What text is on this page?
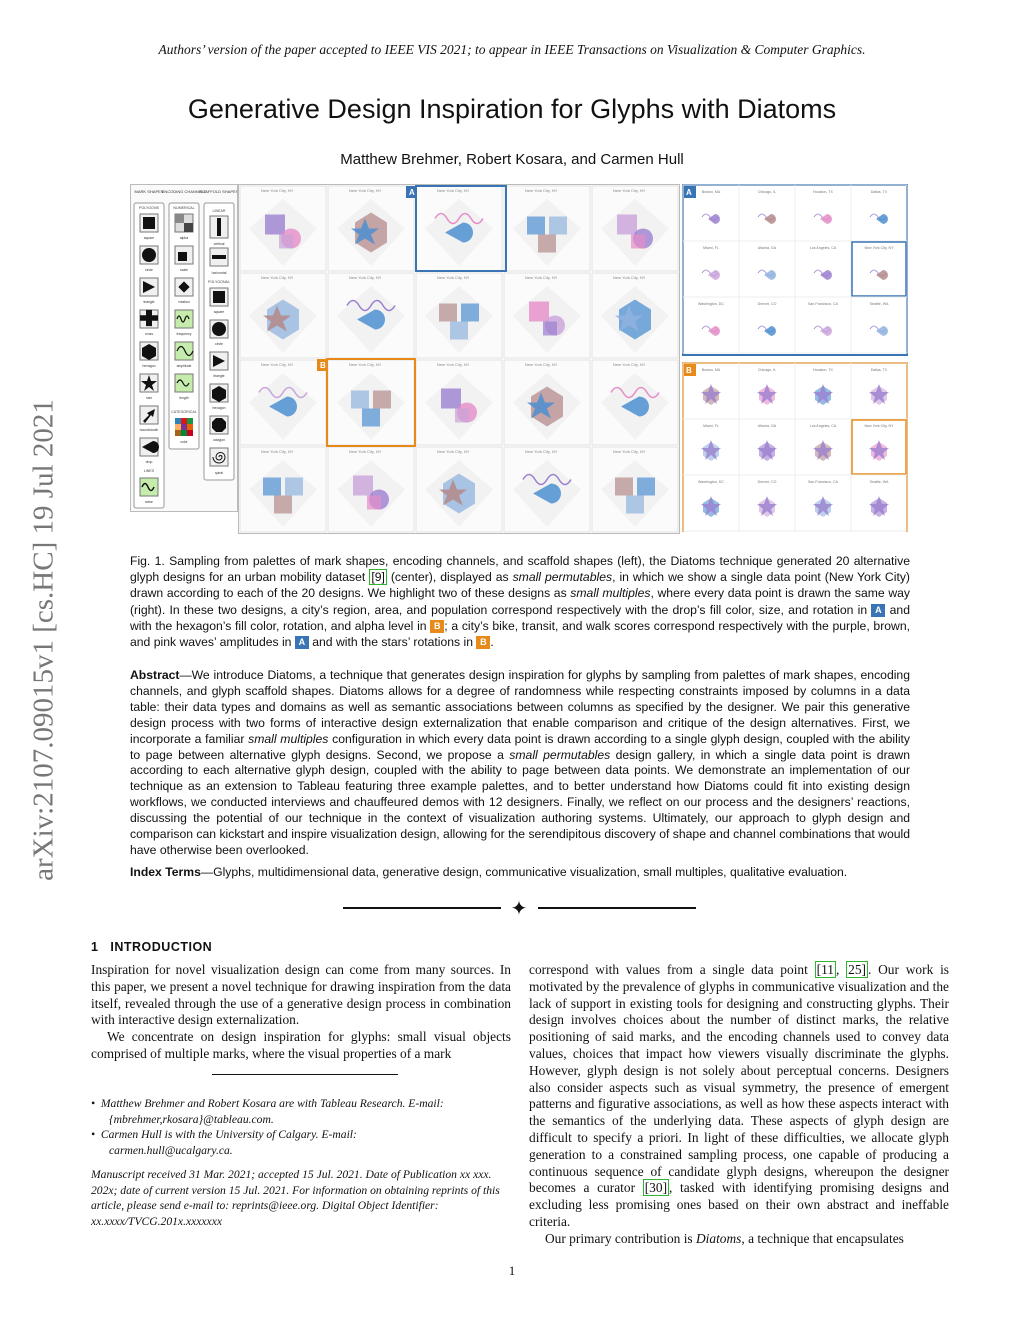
Authors’ version of the paper accepted to IEEE VIS 2021; to appear in IEEE Transactions on Visualization & Computer Graphics.
Generative Design Inspiration for Glyphs with Diatoms
Matthew Brehmer, Robert Kosara, and Carmen Hull
arXiv:2107.09015v1 [cs.HC] 19 Jul 2021
MARK SHAPES
ENCODING CHANNELS
SCAFFOLD SHAPES
POLYGONS	NUMERICAL
LINEAR
LINES
CATEGORICAL
POLYGONAL
square
circle
triangle
cross
hexagon
star
houndstooth
drop
wave
alpha
scale
rotation
frequency
amplitude
length
color
vertical
horizontal
square
circle
triangle
hexagon
octagon
spiral
New York City, NY	New York City, NY	New York City, NY	New York City, NY	New York City, NY
New York City, NY	New York City, NY	New York City, NY	New York City, NY	New York City, NY
New York City, NY	New York City, NY	New York City, NY	New York City, NY	New York City, NY
New York City, NY	New York City, NY	New York City, NY	New York City, NY	New York City, NY
A
B
A	Boston, MA	Chicago, IL	Houston, TX	Dallas, TX
Miami, FL	Atlanta, GA	Los Angeles, CA	New York City, NY
Washington, DC	Denver, CO	San Francisco, CA	Seattle, WA
B	Boston, MA	Chicago, IL	Houston, TX	Dallas, TX
Miami, FL	Atlanta, GA	Los Angeles, CA	New York City, NY
Washington, DC	Denver, CO	San Francisco, CA	Seattle, WA
Fig. 1. Sampling from palettes of mark shapes, encoding channels, and scaffold shapes (left), the Diatoms technique generated 20 alternative glyph designs for an urban mobility dataset [9] (center), displayed as small permutables, in which we show a single data point (New York City) drawn according to each of the 20 designs. We highlight two of these designs as small multiples, where every data point is drawn the same way (right). In these two designs, a city’s region, area, and population correspond respectively with the drop’s fill color, size, and rotation in A and with the hexagon’s fill color, rotation, and alpha level in B ; a city’s bike, transit, and walk scores correspond respectively with the purple, brown, and pink waves’ amplitudes in A and with the stars’ rotations in B .
Abstract—We introduce Diatoms, a technique that generates design inspiration for glyphs by sampling from palettes of mark shapes, encoding channels, and glyph scaffold shapes. Diatoms allows for a degree of randomness while respecting constraints imposed by columns in a data table: their data types and domains as well as semantic associations between columns as specified by the designer. We pair this generative design process with two forms of interactive design externalization that enable comparison and critique of the design alternatives. First, we incorporate a familiar small multiples configuration in which every data point is drawn according to a single glyph design, coupled with the ability to page between alternative glyph designs. Second, we propose a small permutables design gallery, in which a single data point is drawn according to each alternative glyph design, coupled with the ability to page between data points. We demonstrate an implementation of our technique as an extension to Tableau featuring three example palettes, and to better understand how Diatoms could fit into existing design workflows, we conducted interviews and chauffeured demos with 12 designers. Finally, we reflect on our process and the designers’ reactions, discussing the potential of our technique in the context of visualization authoring systems. Ultimately, our approach to glyph design and comparison can kickstart and inspire visualization design, allowing for the serendipitous discovery of shape and channel combinations that would have otherwise been overlooked.
Index Terms—Glyphs, multidimensional data, generative design, communicative visualization, small multiples, qualitative evaluation.
✦
1 INTRODUCTION

Inspiration for novel visualization design can come from many sources. In this paper, we present a novel technique for drawing inspiration from the data itself, revealed through the use of a generative design process in combination with interactive design externalization.

We concentrate on design inspiration for glyphs: small visual objects comprised of multiple marks, where the visual properties of a mark

•  Matthew Brehmer and Robert Kosara are with Tableau Research. E-mail:
{mbrehmer,rkosara}@tableau.com.
•  Carmen Hull is with the University of Calgary. E-mail:
carmen.hull@ucalgary.ca.
Manuscript received 31 Mar. 2021; accepted 15 Jul. 2021. Date of Publication xx xxx. 202x; date of current version 15 Jul. 2021. For information on obtaining reprints of this article, please send e-mail to: reprints@ieee.org. Digital Object Identifier: xx.xxxx/TVCG.201x.xxxxxxx

correspond with values from a single data point [11 , 25] . Our work is motivated by the prevalence of glyphs in communicative visualization and the lack of support in existing tools for designing and constructing glyphs. Their design involves choices about the number of distinct marks, the relative positioning of said marks, and the encoding channels used to convey data values, choices that impact how viewers visually discriminate the glyphs. However, glyph design is not solely about perceptual concerns. Designers also consider aspects such as visual symmetry, the presence of emergent patterns and figurative associations, as well as how these aspects interact with the semantics of the underlying data. These aspects of glyph design are difficult to specify a priori. In light of these difficulties, we allocate glyph generation to a constrained sampling process, one capable of producing a continuous sequence of candidate glyph designs, whereupon the designer becomes a curator [30] , tasked with identifying promising designs and excluding less promising ones based on their own abstract and ineffable criteria.

Our primary contribution is Diatoms, a technique that encapsulates

1
